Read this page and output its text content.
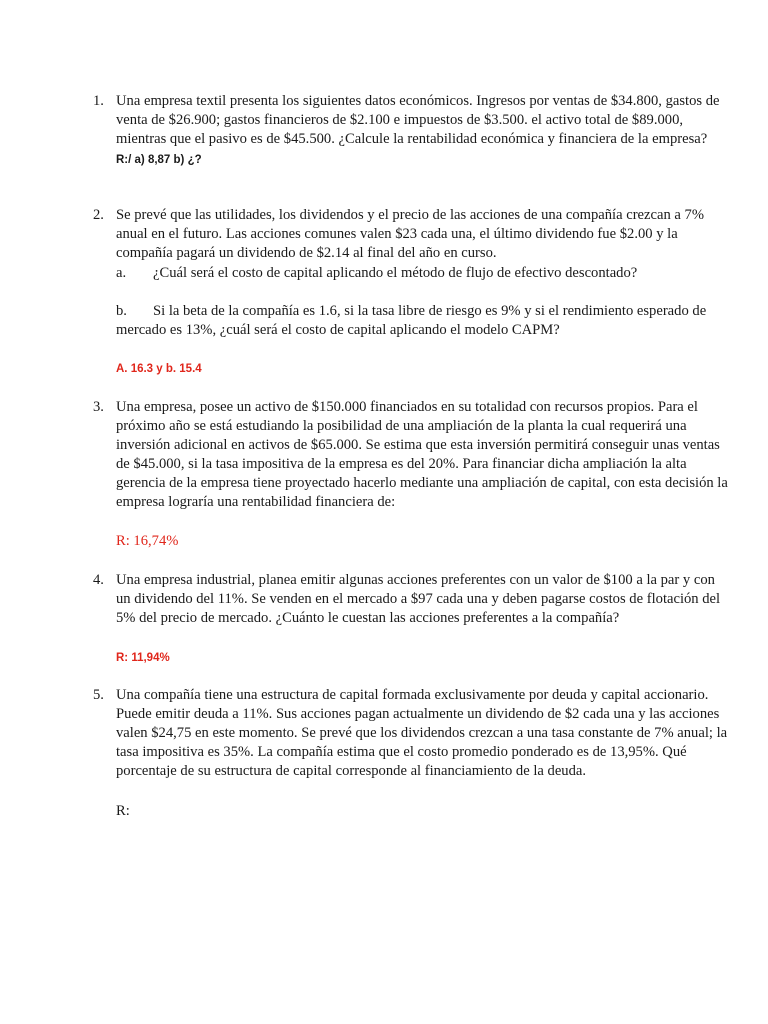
1. Una empresa textil presenta los siguientes datos económicos. Ingresos por ventas de $34.800, gastos de venta de $26.900; gastos financieros de $2.100 e impuestos de $3.500. el activo total de $89.000, mientras que el pasivo es de $45.500. ¿Calcule la rentabilidad económica y financiera de la empresa?
R:/ a) 8,87 b) ¿?
2. Se prevé que las utilidades, los dividendos y el precio de las acciones de una compañía crezcan a 7% anual en el futuro. Las acciones comunes valen $23 cada una, el último dividendo fue $2.00 y la compañía pagará un dividendo de $2.14 al final del año en curso.
a. ¿Cuál será el costo de capital aplicando el método de flujo de efectivo descontado?
b.	Si la beta de la compañía es 1.6, si la tasa libre de riesgo es 9% y si el rendimiento esperado de mercado es 13%, ¿cuál será el costo de capital aplicando el modelo CAPM?
A. 16.3 y b. 15.4
3. Una empresa, posee un activo de $150.000 financiados en su totalidad con recursos propios. Para el próximo año se está estudiando la posibilidad de una ampliación de la planta la cual requerirá una inversión adicional en activos de $65.000. Se estima que esta inversión permitirá conseguir unas ventas de $45.000, si la tasa impositiva de la empresa es del 20%. Para financiar dicha ampliación la alta gerencia de la empresa tiene proyectado hacerlo mediante una ampliación de capital, con esta decisión la empresa lograría una rentabilidad financiera de:
R: 16,74%
4. Una empresa industrial, planea emitir algunas acciones preferentes con un valor de $100 a la par y con un dividendo del 11%. Se venden en el mercado a $97 cada una y deben pagarse costos de flotación del 5% del precio de mercado. ¿Cuánto le cuestan las acciones preferentes a la compañía?
R: 11,94%
5. Una compañía tiene una estructura de capital formada exclusivamente por deuda y capital accionario. Puede emitir deuda a 11%. Sus acciones pagan actualmente un dividendo de $2 cada una y las acciones valen $24,75 en este momento. Se prevé que los dividendos crezcan a una tasa constante de 7% anual; la tasa impositiva es 35%. La compañía estima que el costo promedio ponderado es de 13,95%. Qué porcentaje de su estructura de capital corresponde al financiamiento de la deuda.
R:
